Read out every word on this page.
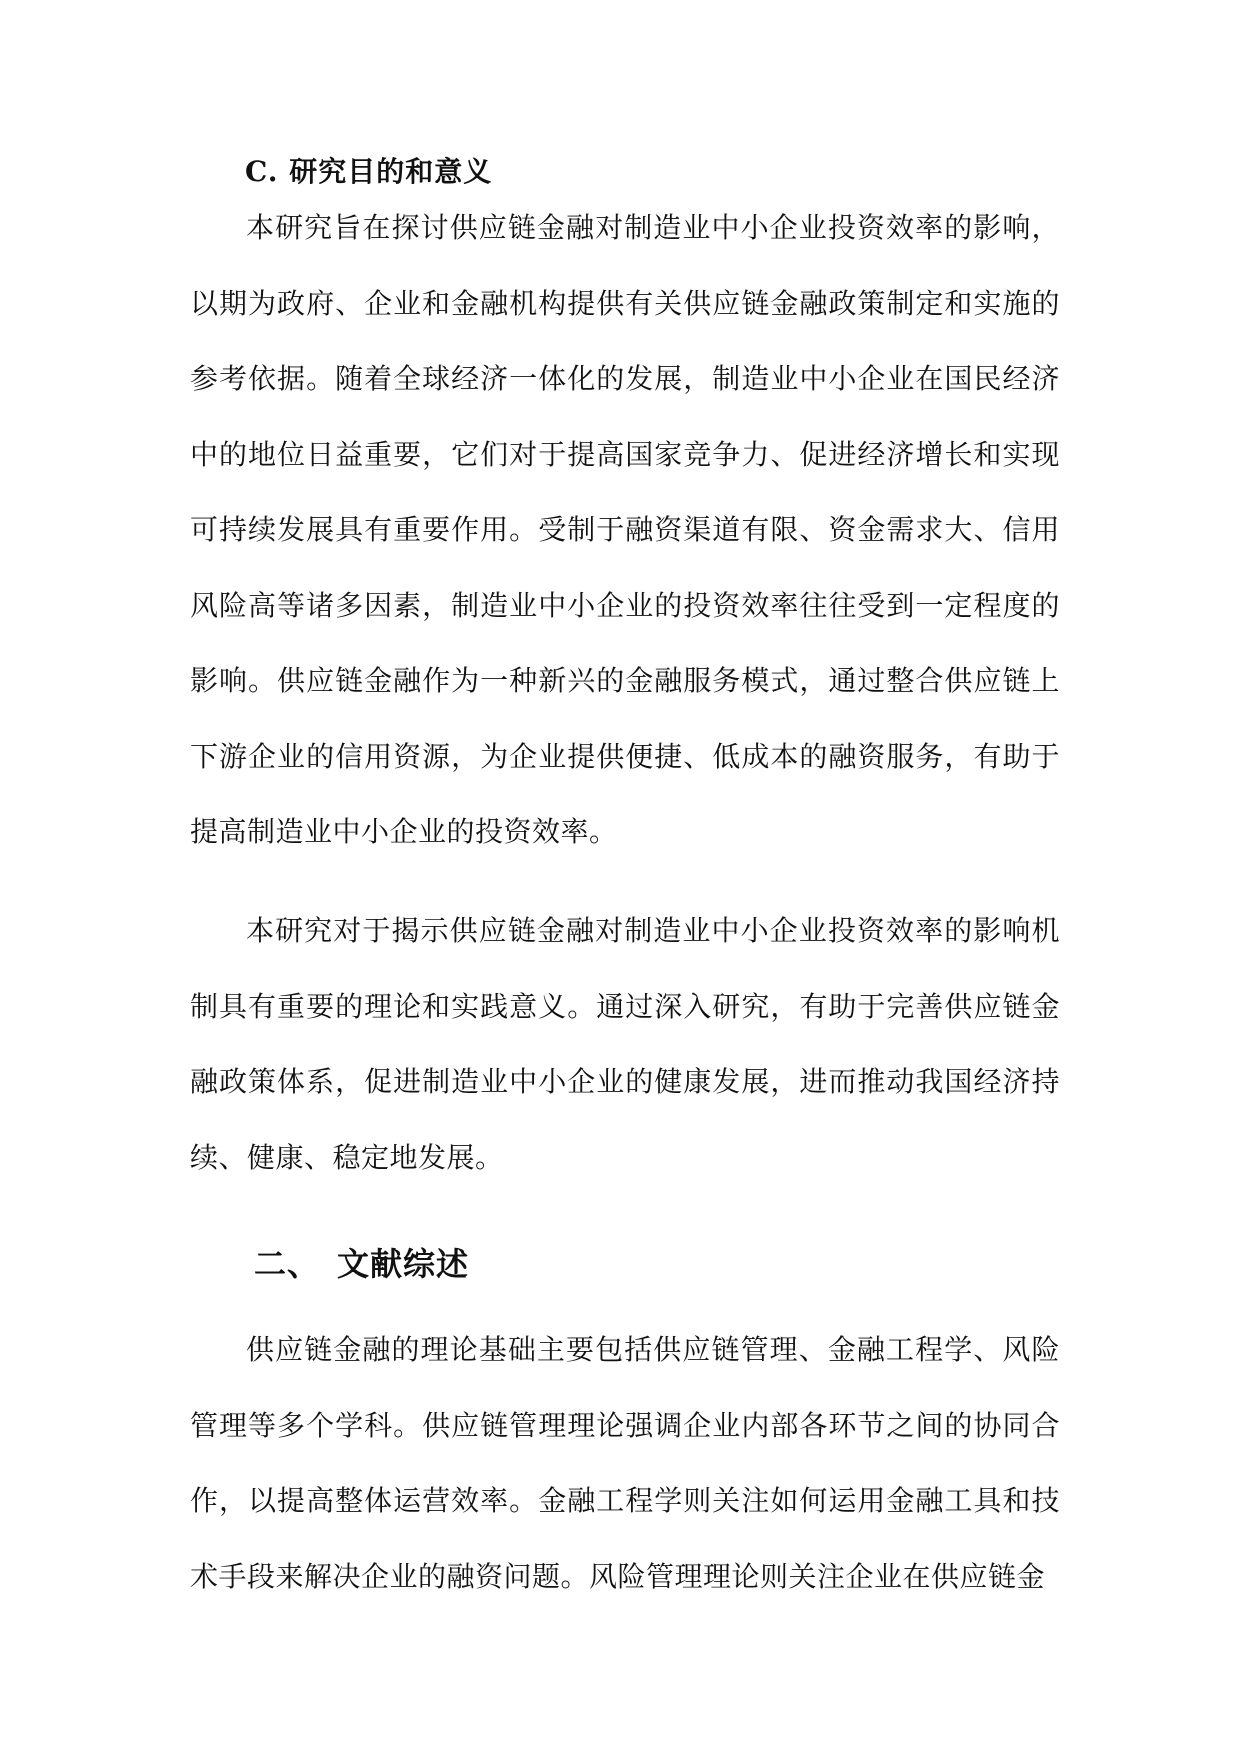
C. 研究目的和意义

本研究旨在探讨供应链金融对制造业中小企业投资效率的影响，以期为政府、企业和金融机构提供有关供应链金融政策制定和实施的参考依据。随着全球经济一体化的发展，制造业中小企业在国民经济中的地位日益重要，它们对于提高国家竞争力、促进经济增长和实现可持续发展具有重要作用。受制于融资渠道有限、资金需求大、信用风险高等诸多因素，制造业中小企业的投资效率往往受到一定程度的影响。供应链金融作为一种新兴的金融服务模式，通过整合供应链上下游企业的信用资源，为企业提供便捷、低成本的融资服务，有助于提高制造业中小企业的投资效率。

本研究对于揭示供应链金融对制造业中小企业投资效率的影响机制具有重要的理论和实践意义。通过深入研究，有助于完善供应链金融政策体系，促进制造业中小企业的健康发展，进而推动我国经济持续、健康、稳定地发展。

二、 文献综述

供应链金融的理论基础主要包括供应链管理、金融工程学、风险管理等多个学科。供应链管理理论强调企业内部各环节之间的协同合作，以提高整体运营效率。金融工程学则关注如何运用金融工具和技术手段来解决企业的融资问题。风险管理理论则关注企业在供应链金
